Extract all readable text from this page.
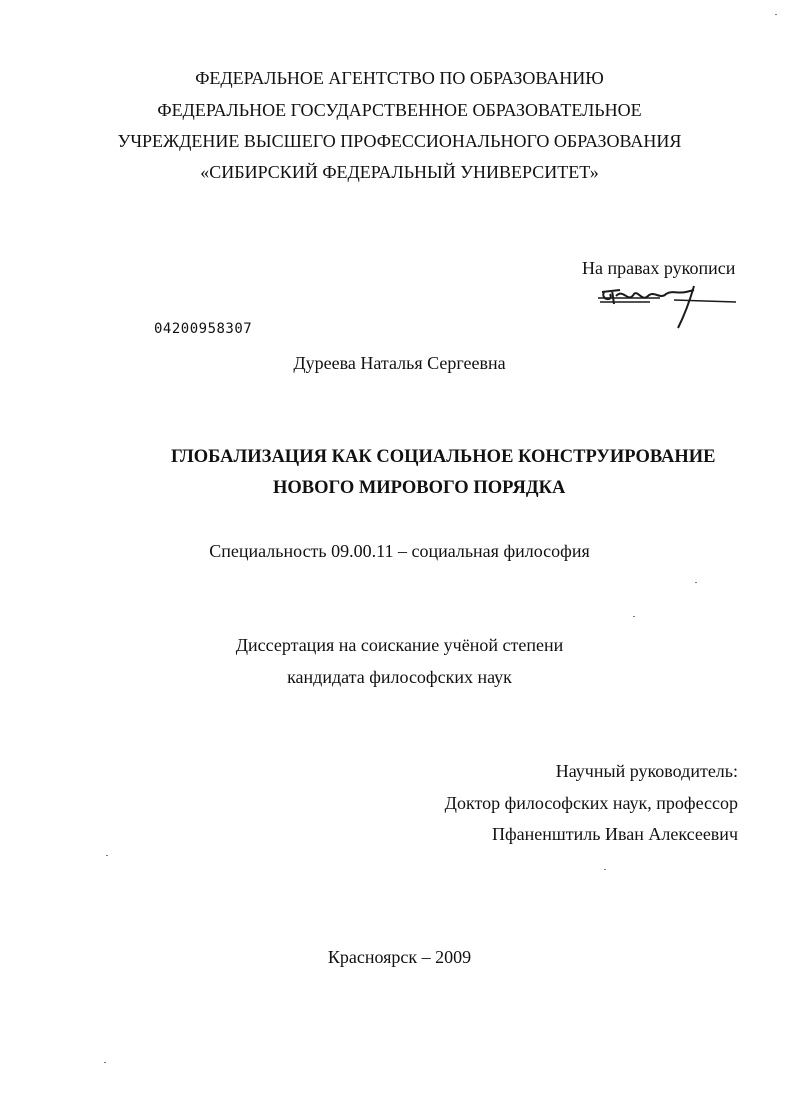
ФЕДЕРАЛЬНОЕ АГЕНТСТВО ПО ОБРАЗОВАНИЮ
ФЕДЕРАЛЬНОЕ ГОСУДАРСТВЕННОЕ ОБРАЗОВАТЕЛЬНОЕ
УЧРЕЖДЕНИЕ ВЫСШЕГО ПРОФЕССИОНАЛЬНОГО ОБРАЗОВАНИЯ
«СИБИРСКИЙ ФЕДЕРАЛЬНЫЙ УНИВЕРСИТЕТ»
На правах рукописи
04200958307
Дуреева Наталья Сергеевна
ГЛОБАЛИЗАЦИЯ КАК СОЦИАЛЬНОЕ КОНСТРУИРОВАНИЕ
НОВОГО МИРОВОГО ПОРЯДКА
Специальность 09.00.11 – социальная философия
Диссертация на соискание учёной степени
кандидата философских наук
Научный руководитель:
Доктор философских наук, профессор
Пфаненштиль Иван Алексеевич
Красноярск – 2009
